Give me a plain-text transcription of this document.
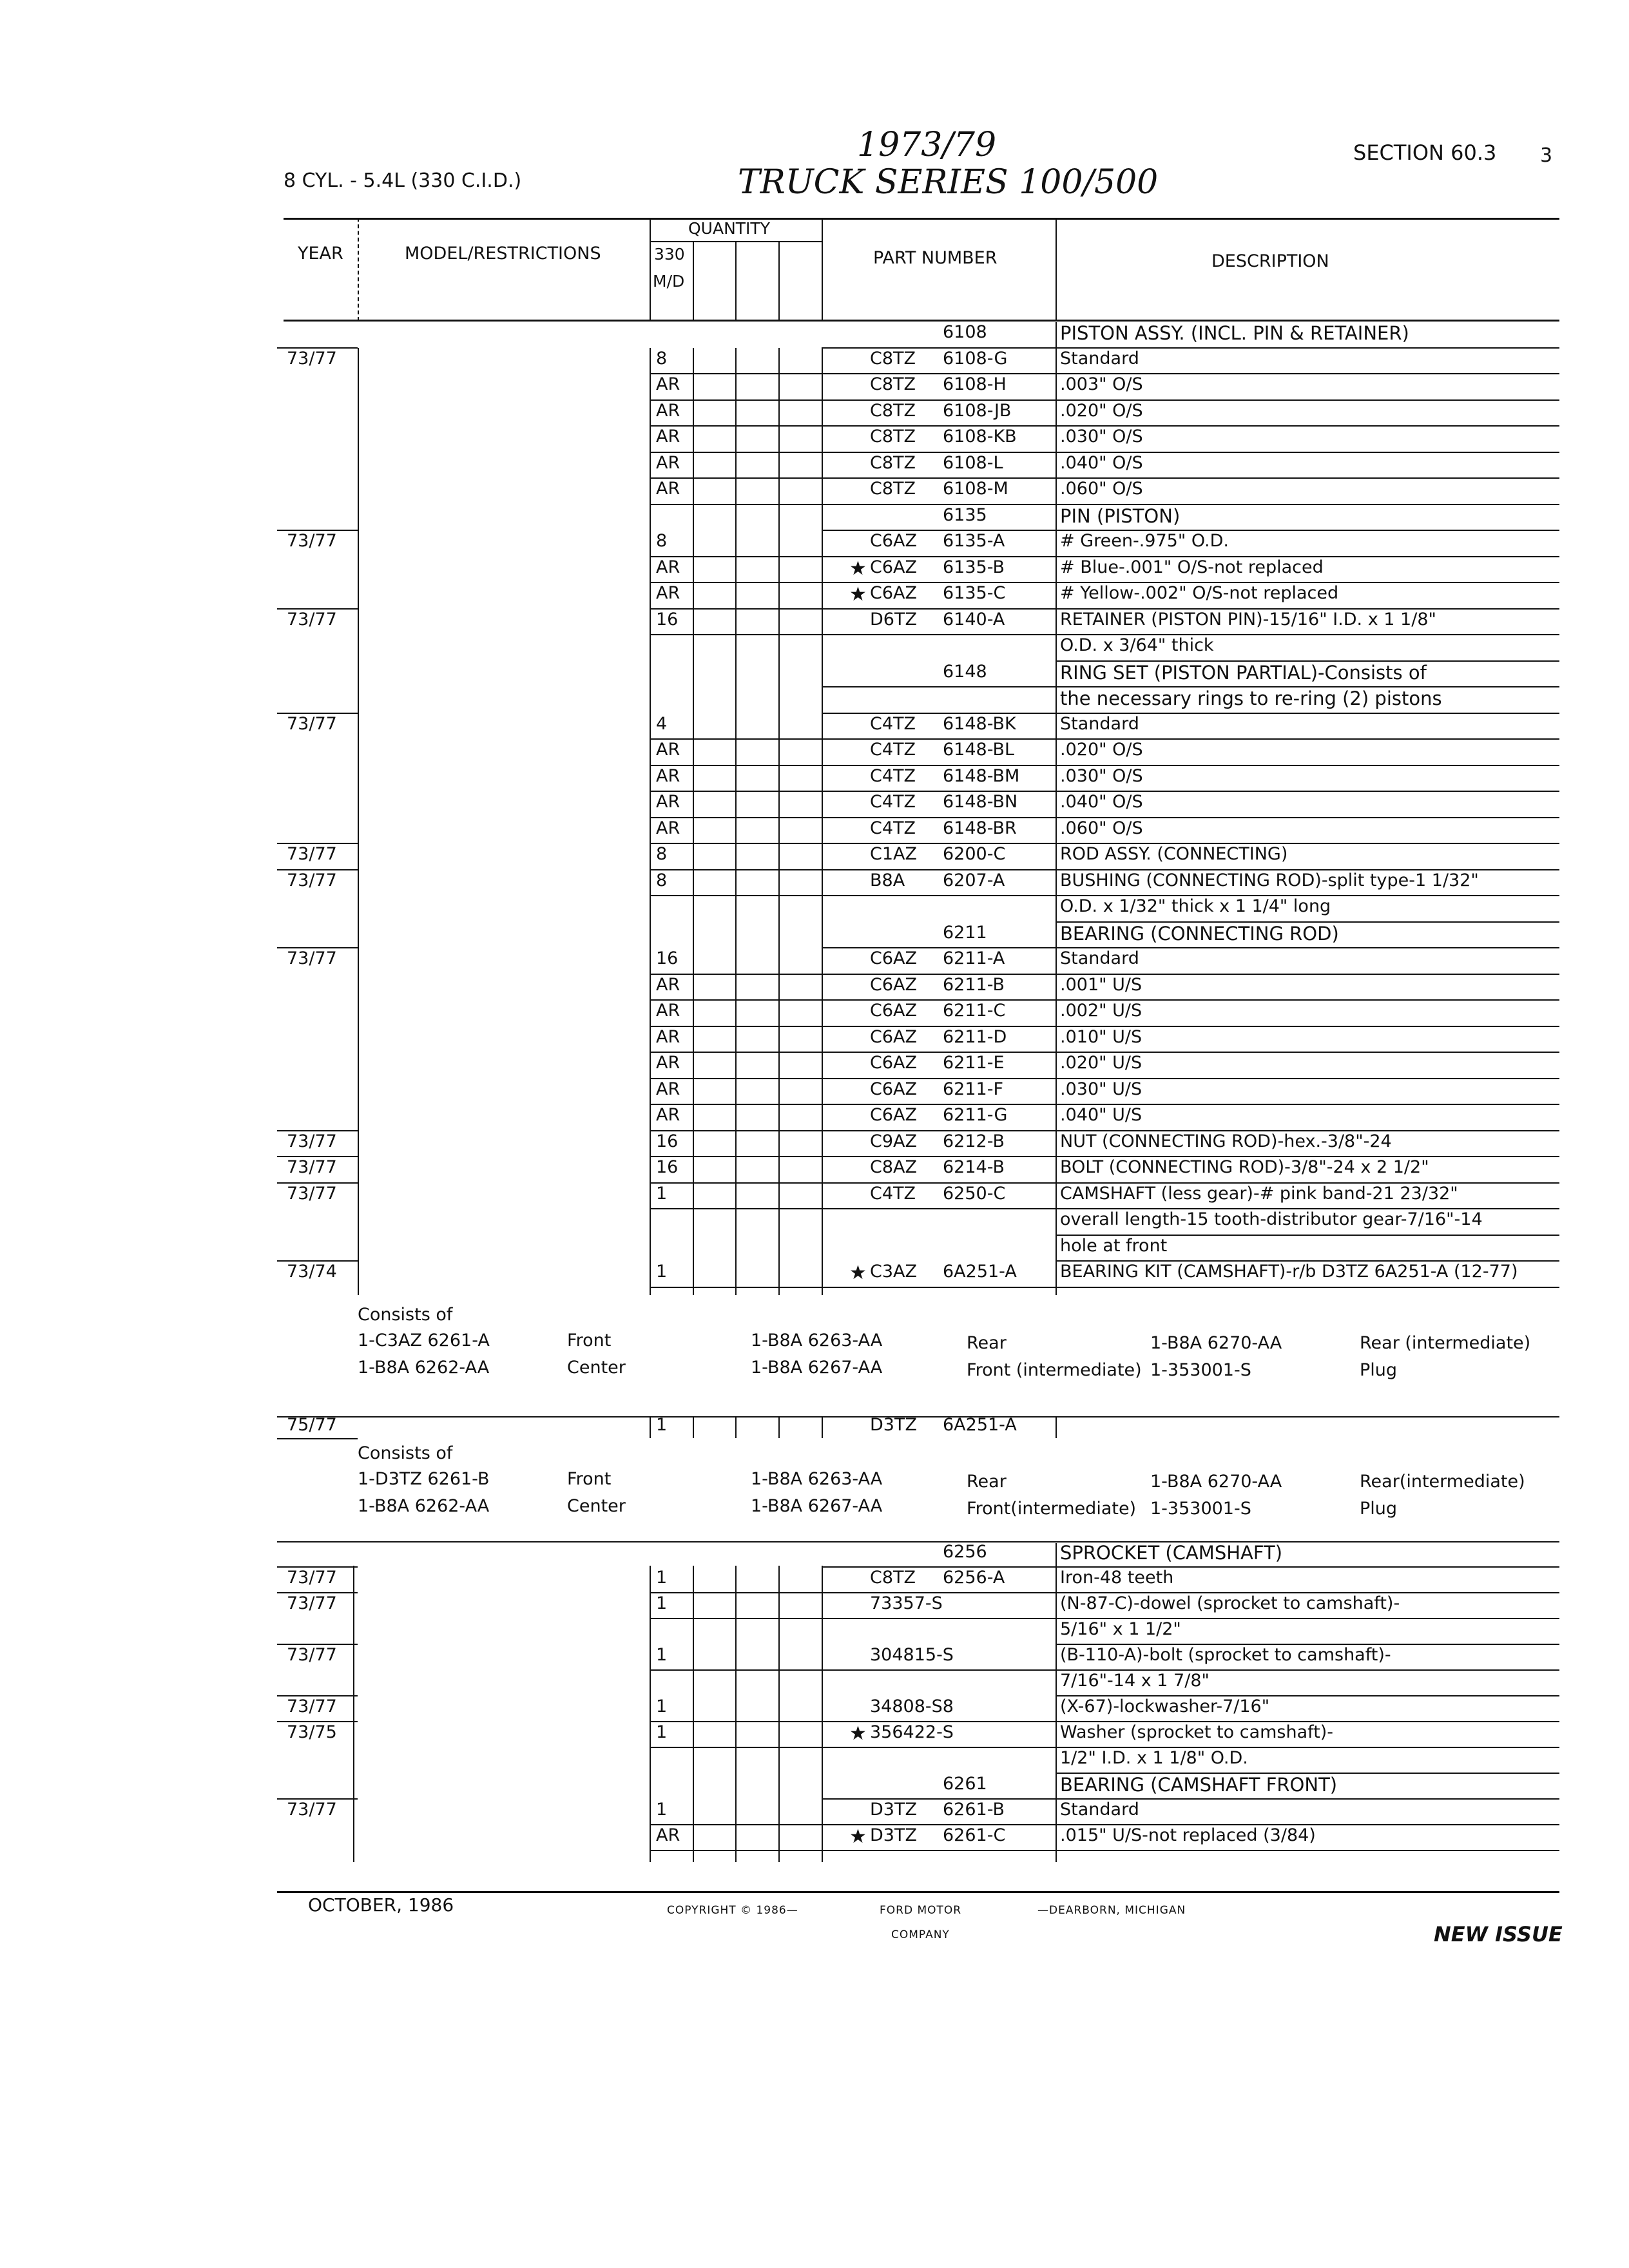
8 CYL. - 5.4L (330 C.I.D.)
1973/79
TRUCK SERIES 100/500
SECTION 60.3 3
YEAR	MODEL/RESTRICTIONS
QUANTITY
330
M/D
PART NUMBER	DESCRIPTION
6108	PISTON ASSY. (INCL. PIN & RETAINER)
73/77	8	C8TZ 6108-G	Standard
AR	C8TZ 6108-H	.003" O/S
AR	C8TZ 6108-JB	.020" O/S
AR	C8TZ 6108-KB .030" O/S
AR	C8TZ 6108-L	.040" O/S
AR	C8TZ 6108-M	.060" O/S
6135	PIN (PISTON)
73/77	8	C6AZ 6135-A	# Green-.975" O.D.
AR	★ C6AZ 6135-B	# Blue-.001" O/S-not replaced
AR	★ C6AZ 6135-C	# Yellow-.002" O/S-not replaced
73/77	16	D6TZ 6140-A	RETAINER (PISTON PIN)-15/16" I.D. x 1 1/8"
O.D. x 3/64" thick
6148	RING SET (PISTON PARTIAL)-Consists of
the necessary rings to re-ring (2) pistons
73/77	4	C4TZ 6148-BK	Standard
AR	C4TZ 6148-BL	.020" O/S
AR	C4TZ 6148-BM .030" O/S
AR	C4TZ 6148-BN .040" O/S
AR	C4TZ 6148-BR .060" O/S
73/77	8	C1AZ 6200-C	ROD ASSY. (CONNECTING)
73/77	8	B8A 6207-A	BUSHING (CONNECTING ROD)-split type-1 1/32"
O.D. x 1/32" thick x 1 1/4" long
6211	BEARING (CONNECTING ROD)
73/77	16	C6AZ 6211-A	Standard
AR	C6AZ 6211-B	.001" U/S
AR	C6AZ 6211-C	.002" U/S
AR	C6AZ 6211-D	.010" U/S
AR	C6AZ 6211-E	.020" U/S
AR	C6AZ 6211-F	.030" U/S
AR	C6AZ 6211-G	.040" U/S
73/77	16	C9AZ 6212-B	NUT (CONNECTING ROD)-hex.-3/8"-24
73/77	16	C8AZ 6214-B	BOLT (CONNECTING ROD)-3/8"-24 x 2 1/2"
73/77	1	C4TZ 6250-C	CAMSHAFT (less gear)-# pink band-21 23/32"
overall length-15 tooth-distributor gear-7/16"-14
hole at front
73/74	1	★ C3AZ 6A251-A BEARING KIT (CAMSHAFT)-r/b D3TZ 6A251-A (12-77)
Consists of
1-C3AZ 6261-A	Front	1-B8A 6263-AA	Rear	1-B8A 6270-AA	Rear (intermediate)
1-B8A 6262-AA	Center	1-B8A 6267-AA	Front (intermediate) 1-353001-S	Plug
75/77	1	D3TZ 6A251-A
Consists of
1-D3TZ 6261-B	Front	1-B8A 6263-AA	Rear	1-B8A 6270-AA	Rear(intermediate)
1-B8A 6262-AA	Center	1-B8A 6267-AA	Front(intermediate) 1-353001-S	Plug
6256	SPROCKET (CAMSHAFT)
73/77	1	C8TZ 6256-A	Iron-48 teeth
73/77	1	73357-S	(N-87-C)-dowel (sprocket to camshaft)-
5/16" x 1 1/2"
73/77	1	304815-S	(B-110-A)-bolt (sprocket to camshaft)-
7/16"-14 x 1 7/8"
73/77	1	34808-S8	(X-67)-lockwasher-7/16"
73/75	1	★ 356422-S	Washer (sprocket to camshaft)-
1/2" I.D. x 1 1/8" O.D.
6261	BEARING (CAMSHAFT FRONT)
73/77	1	D3TZ 6261-B	Standard
AR	★ D3TZ 6261-C	.015" U/S-not replaced (3/84)
OCTOBER, 1986	COPYRIGHT © 1986—	FORD MOTOR
COMPANY
—DEARBORN, MICHIGAN
NEW ISSUE
